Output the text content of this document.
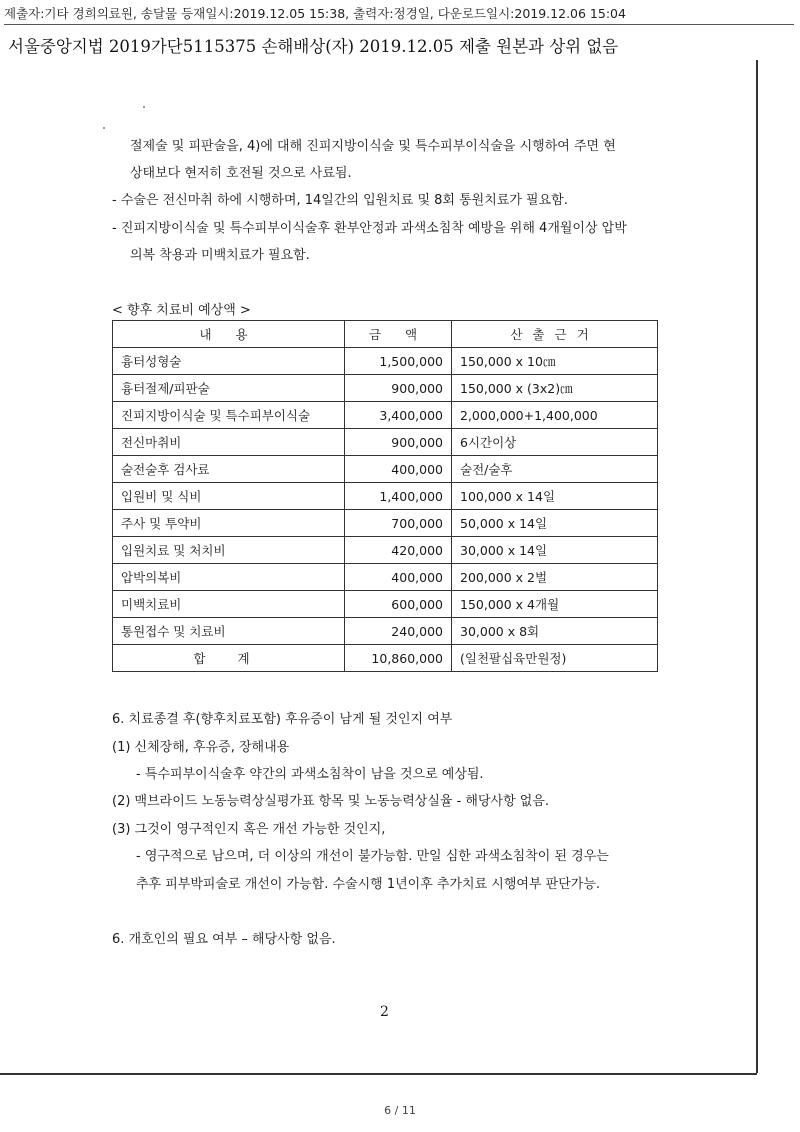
제출자:기타 경희의료원, 송달물 등재일시:2019.12.05 15:38, 출력자:정경일, 다운로드일시:2019.12.06 15:04
서울중앙지법 2019가단5115375 손해배상(자) 2019.12.05 제출 원본과 상위 없음
절제술 및 피판술을, 4)에 대해 진피지방이식술 및 특수피부이식술을 시행하여 주면 현
상태보다 현저히 호전될 것으로 사료됨.
- 수술은 전신마취 하에 시행하며, 14일간의 입원치료 및 8회 통원치료가 필요함.
- 진피지방이식술 및 특수피부이식술후 환부안정과 과색소침착 예방을 위해 4개월이상 압박
의복 착용과 미백치료가 필요함.
< 향후 치료비 예상액 >
내 용	금 액	산출근거
흉터성형술	1,500,000	150,000 x 10㎝
흉터절제/피판술	900,000	150,000 x (3x2)㎝
진피지방이식술 및 특수피부이식술	3,400,000	2,000,000+1,400,000
전신마취비	900,000	6시간이상
술전술후 검사료	400,000	술전/술후
입원비 및 식비	1,400,000	100,000 x 14일
주사 및 투약비	700,000	50,000 x 14일
입원치료 및 처치비	420,000	30,000 x 14일
압박의복비	400,000	200,000 x 2벌
미백치료비	600,000	150,000 x 4개월
통원접수 및 치료비	240,000	30,000 x 8회
합 계	10,860,000	(일천팔십육만원정)
6. 치료종결 후(향후치료포함) 후유증이 남게 될 것인지 여부
(1) 신체장해, 후유증, 장해내용
- 특수피부이식술후 약간의 과색소침착이 남을 것으로 예상됨.
(2) 맥브라이드 노동능력상실평가표 항목 및 노동능력상실율 - 해당사항 없음.
(3) 그것이 영구적인지 혹은 개선 가능한 것인지,
- 영구적으로 남으며, 더 이상의 개선이 불가능함. 만일 심한 과색소침착이 된 경우는
추후 피부박피술로 개선이 가능함. 수술시행 1년이후 추가치료 시행여부 판단가능.
6. 개호인의 필요 여부 – 해당사항 없음.
2
6 / 11
